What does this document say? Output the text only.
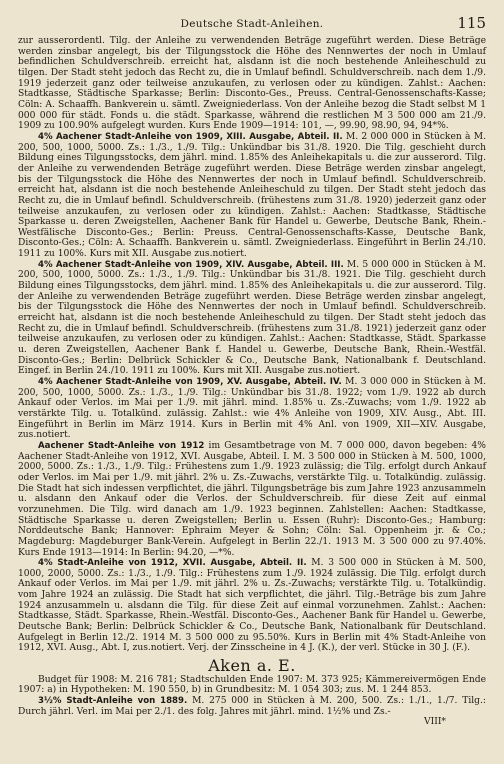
Deutsche Stadt-Anleihen.	115

zur ausserordentl. Tilg. der Anleihe zu verwendenden Beträge zugeführt werden. Diese Beträge werden zinsbar angelegt, bis der Tilgungsstock die Höhe des Nennwertes der noch in Umlauf befindlichen Schuldverschreib. erreicht hat, alsdann ist die noch bestehende Anleiheschuld zu tilgen. Der Stadt steht jedoch das Recht zu, die in Umlauf befindl. Schuldverschreib. nach dem 1./9. 1919 jederzeit ganz oder teilweise anzukaufen, zu verlosen oder zu kündigen. Zahlst.: Aachen: Stadtkasse, Städtische Sparkasse; Berlin: Disconto-Ges., Preuss. Central-Genossenschafts-Kasse; Cöln: A. Schaaffh. Bankverein u. sämtl. Zweigniederlass. Von der Anleihe bezog die Stadt selbst M 1 000 000 für städt. Fonds u. die städt. Sparkasse, während die restlichen M 3 500 000 am 21./9. 1909 zu 100.90% aufgelegt wurden. Kurs Ende 1909—1914: 101, —, 99.90, 98.90, 94, 94*%.

4% Aachener Stadt-Anleihe von 1909, XIII. Ausgabe, Abteil. II. M. 2 000 000 in Stücken à M. 200, 500, 1000, 5000. Zs.: 1./3., 1./9. Tilg.: Unkündbar bis 31./8. 1920. Die Tilg. geschieht durch Bildung eines Tilgungsstocks, dem jährl. mind. 1.85% des Anleihekapitals u. die zur ausserord. Tilg. der Anleihe zu verwendenden Beträge zugeführt werden. Diese Beträge werden zinsbar angelegt, bis der Tilgungsstock die Höhe des Nennwertes der noch in Umlauf befindl. Schuldverschreib. erreicht hat, alsdann ist die noch bestehende Anleiheschuld zu tilgen. Der Stadt steht jedoch das Recht zu, die in Umlauf befindl. Schuldverschreib. (frühestens zum 31./8. 1920) jederzeit ganz oder teilweise anzukaufen, zu verlosen oder zu kündigen. Zahlst.: Aachen: Stadtkasse, Städtische Sparkasse u. deren Zweigstellen, Aachener Bank für Handel u. Gewerbe, Deutsche Bank, Rhein.-Westfälische Disconto-Ges.; Berlin: Preuss. Central-Genossenschafts-Kasse, Deutsche Bank, Disconto-Ges.; Cöln: A. Schaaffh. Bankverein u. sämtl. Zweigniederlass. Eingeführt in Berlin 24./10. 1911 zu 100%. Kurs mit XII. Ausgabe zus.notiert.

4% Aachener Stadt-Anleihe von 1909, XIV. Ausgabe, Abteil. III. M. 5 000 000 in Stücken à M. 200, 500, 1000, 5000. Zs.: 1./3., 1./9. Tilg.: Unkündbar bis 31./8. 1921. Die Tilg. geschieht durch Bildung eines Tilgungsstocks, dem jährl. mind. 1.85% des Anleihekapitals u. die zur ausserord. Tilg. der Anleihe zu verwendenden Beträge zugeführt werden. Diese Beträge werden zinsbar angelegt, bis der Tilgungsstock die Höhe des Nennwertes der noch in Umlauf befindl. Schuldverschreib. erreicht hat, alsdann ist die noch bestehende Anleiheschuld zu tilgen. Der Stadt steht jedoch das Recht zu, die in Umlauf befindl. Schuldverschreib. (frühestens zum 31./8. 1921) jederzeit ganz oder teilweise anzukaufen, zu verlosen oder zu kündigen. Zahlst.: Aachen: Stadtkasse, Städt. Sparkasse u. deren Zweigstellen, Aachener Bank f. Handel u. Gewerbe, Deutsche Bank, Rhein.-Westfäl. Disconto-Ges.; Berlin: Delbrück Schickler & Co., Deutsche Bank, Nationalbank f. Deutschland. Eingef. in Berlin 24./10. 1911 zu 100%. Kurs mit XII. Ausgabe zus.notiert.

4% Aachener Stadt-Anleihe von 1909, XV. Ausgabe, Abteil. IV. M. 3 000 000 in Stücken à M. 200, 500, 1000, 5000. Zs.: 1./3., 1./9. Tilg.: Unkündbar bis 31./8. 1922; vom 1./9. 1922 ab durch Ankauf oder Verlos. im Mai per 1./9. mit jährl. mind. 1.85% u. Zs.-Zuwachs; vom 1./9. 1922 ab verstärkte Tilg. u. Totalkünd. zulässig. Zahlst.: wie 4% Anleihe von 1909, XIV. Ausg., Abt. III. Eingeführt in Berlin im März 1914. Kurs in Berlin mit 4% Anl. von 1909, XII—XIV. Ausgabe, zus.notiert.

Aachener Stadt-Anleihe von 1912 im Gesamtbetrage von M. 7 000 000, davon begeben: 4% Aachener Stadt-Anleihe von 1912, XVI. Ausgabe, Abteil. I. M. 3 500 000 in Stücken à M. 500, 1000, 2000, 5000. Zs.: 1./3., 1./9. Tilg.: Frühestens zum 1./9. 1923 zulässig; die Tilg. erfolgt durch Ankauf oder Verlos. im Mai per 1./9. mit jährl. 2% u. Zs.-Zuwachs, verstärkte Tilg. u. Totalkündig. zulässig. Die Stadt hat sich indessen verpflichtet, die jährl. Tilgungsbeträge bis zum Jahre 1923 anzusammeln u. alsdann den Ankauf oder die Verlos. der Schuldverschreib. für diese Zeit auf einmal vorzunehmen. Die Tilg. wird danach am 1./9. 1923 beginnen. Zahlstellen: Aachen: Stadtkasse, Städtische Sparkasse u. deren Zweigstellen; Berlin u. Essen (Ruhr): Disconto-Ges.; Hamburg: Norddeutsche Bank; Hannover: Ephraim Meyer & Sohn; Cöln: Sal. Oppenheim jr. & Co.; Magdeburg: Magdeburger Bank-Verein. Aufgelegt in Berlin 22./1. 1913 M. 3 500 000 zu 97.40%. Kurs Ende 1913—1914: In Berlin: 94.20, —*%.

4% Stadt-Anleihe von 1912, XVII. Ausgabe, Abteil. II. M. 3 500 000 in Stücken à M. 500, 1000, 2000, 5000. Zs.: 1./3., 1./9. Tilg.: Frühestens zum 1./9. 1924 zulässig. Die Tilg. erfolgt durch Ankauf oder Verlos. im Mai per 1./9. mit jährl. 2% u. Zs.-Zuwachs; verstärkte Tilg. u. Totalkündig. vom Jahre 1924 an zulässig. Die Stadt hat sich verpflichtet, die jährl. Tilg.-Beträge bis zum Jahre 1924 anzusammeln u. alsdann die Tilg. für diese Zeit auf einmal vorzunehmen. Zahlst.: Aachen: Stadtkasse, Städt. Sparkasse, Rhein.-Westfäl. Disconto-Ges., Aachener Bank für Handel u. Gewerbe, Deutsche Bank; Berlin: Delbrück Schickler & Co., Deutsche Bank, Nationalbank für Deutschland. Aufgelegt in Berlin 12./2. 1914 M. 3 500 000 zu 95.50%. Kurs in Berlin mit 4% Stadt-Anleihe von 1912, XVI. Ausg., Abt. I, zus.notiert. Verj. der Zinsscheine in 4 J. (K.), der verl. Stücke in 30 J. (F.).

Aken a. E.

Budget für 1908: M. 216 781; Stadtschulden Ende 1907: M. 373 925; Kämmereivermögen Ende 1907: a) in Hypotheken: M. 190 550, b) in Grundbesitz: M. 1 054 303; zus. M. 1 244 853.

3½% Stadt-Anleihe von 1889. M. 275 000 in Stücken à M. 200, 500. Zs.: 1./1., 1./7. Tilg.: Durch jährl. Verl. im Mai per 2./1. des folg. Jahres mit jährl. mind. 1½% und Zs.-

VIII*
